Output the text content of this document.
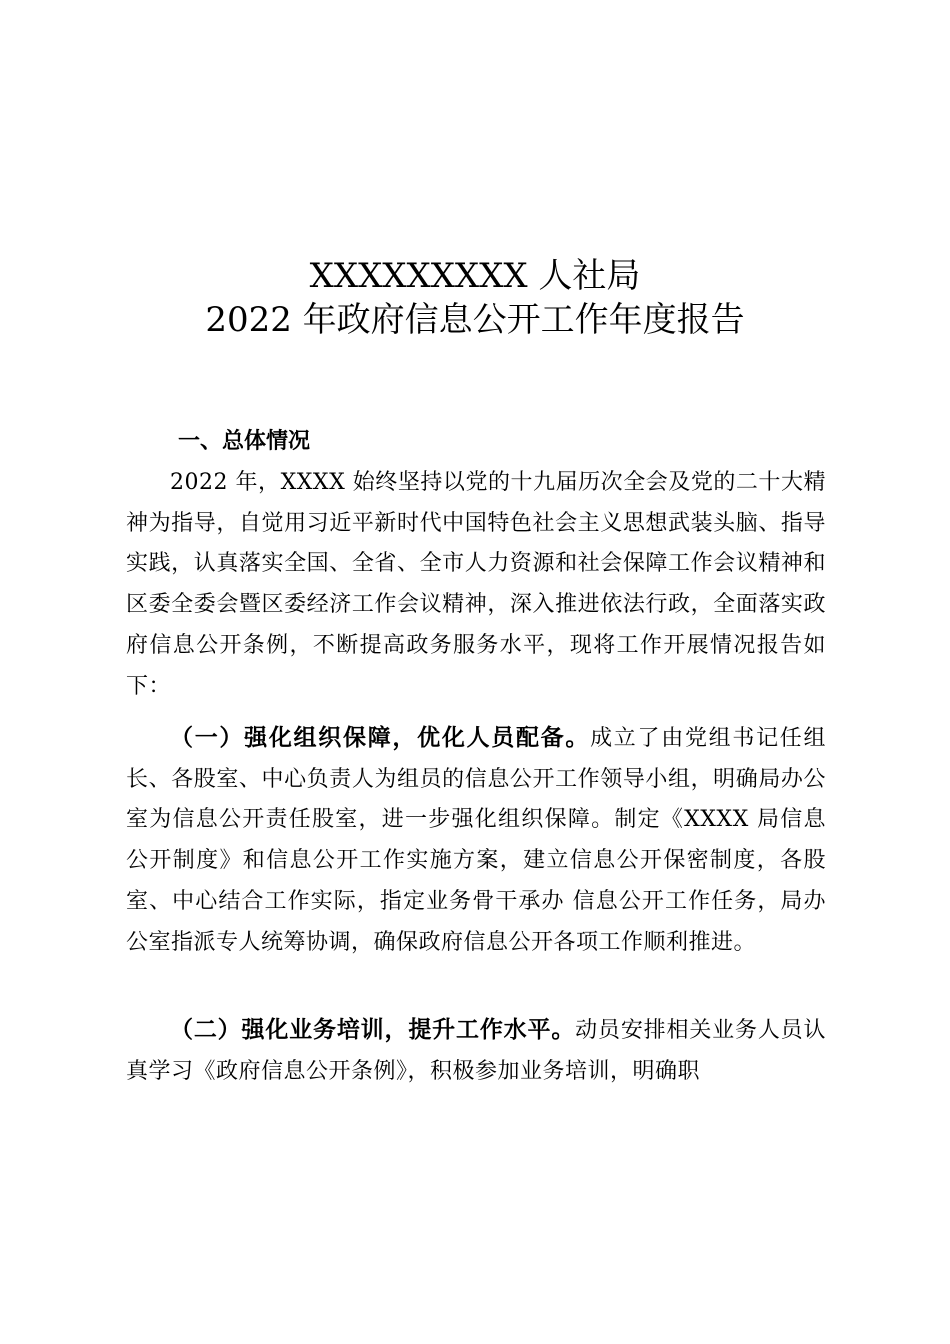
XXXXXXXXX 人社局
2022 年政府信息公开工作年度报告
一、总体情况

2022 年，XXXX 始终坚持以党的十九届历次全会及党的二十大精神为指导，自觉用习近平新时代中国特色社会主义思想武装头脑、指导实践，认真落实全国、全省、全市人力资源和社会保障工作会议精神和区委全委会暨区委经济工作会议精神，深入推进依法行政，全面落实政府信息公开条例，不断提高政务服务水平，现将工作开展情况报告如下：

（一）强化组织保障，优化人员配备。成立了由党组书记任组长、各股室、中心负责人为组员的信息公开工作领导小组，明确局办公室为信息公开责任股室，进一步强化组织保障。制定《XXXX 局信息公开制度》和信息公开工作实施方案，建立信息公开保密制度，各股室、中心结合工作实际，指定业务骨干承办 信息公开工作任务，局办公室指派专人统筹协调，确保政府信息公开各项工作顺利推进。

（二）强化业务培训，提升工作水平。动员安排相关业务人员认真学习《政府信息公开条例》，积极参加业务培训，明确职
